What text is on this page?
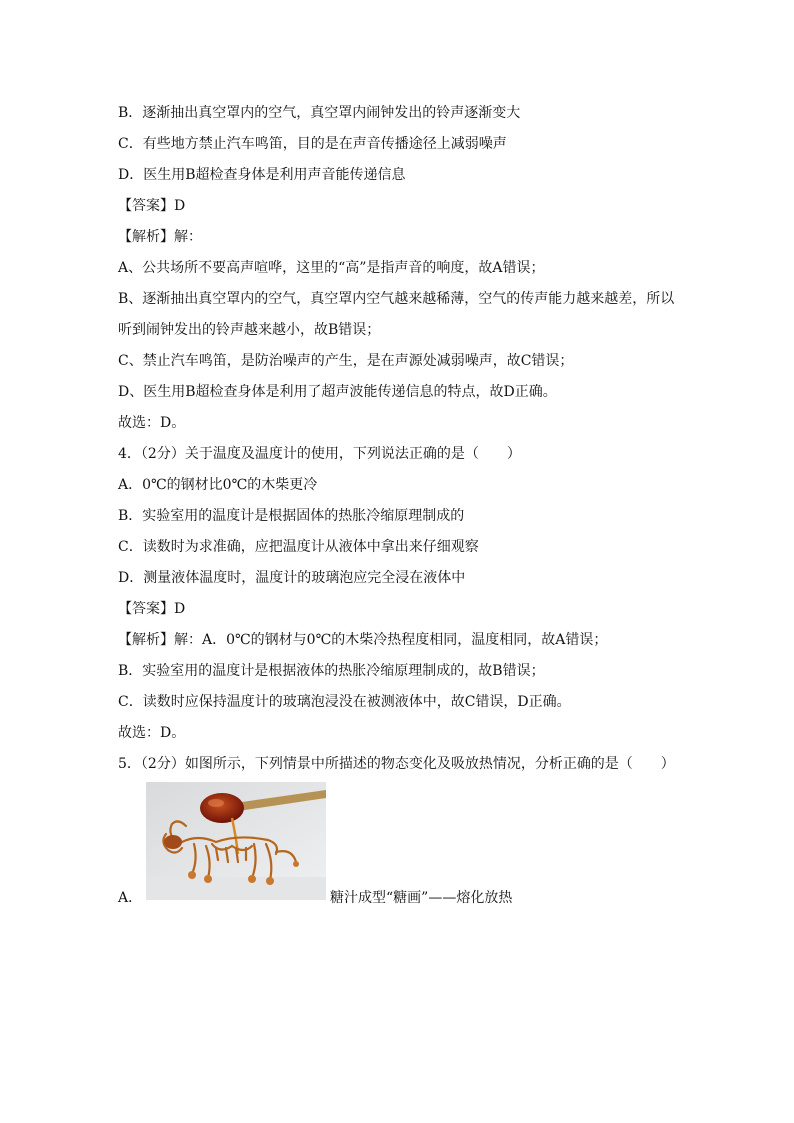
B．逐渐抽出真空罩内的空气，真空罩内闹钟发出的铃声逐渐变大
C．有些地方禁止汽车鸣笛，目的是在声音传播途径上减弱噪声
D．医生用B超检查身体是利用声音能传递信息
【答案】D
【解析】解：
A、公共场所不要高声喧哗，这里的“高”是指声音的响度，故A错误；
B、逐渐抽出真空罩内的空气，真空罩内空气越来越稀薄，空气的传声能力越来越差，所以
听到闹钟发出的铃声越来越小，故B错误；
C、禁止汽车鸣笛，是防治噪声的产生，是在声源处减弱噪声，故C错误；
D、医生用B超检查身体是利用了超声波能传递信息的特点，故D正确。
故选：D。
4．（2分）关于温度及温度计的使用，下列说法正确的是（　　）
A．0℃的钢材比0℃的木柴更冷
B．实验室用的温度计是根据固体的热胀冷缩原理制成的
C．读数时为求准确，应把温度计从液体中拿出来仔细观察
D．测量液体温度时，温度计的玻璃泡应完全浸在液体中
【答案】D
【解析】解：A．0℃的钢材与0℃的木柴冷热程度相同，温度相同，故A错误；
B．实验室用的温度计是根据液体的热胀冷缩原理制成的，故B错误；
C．读数时应保持温度计的玻璃泡浸没在被测液体中，故C错误，D正确。
故选：D。
5．（2分）如图所示，下列情景中所描述的物态变化及吸放热情况，分析正确的是（　　）
A．	糖汁成型“糖画”——熔化放热
